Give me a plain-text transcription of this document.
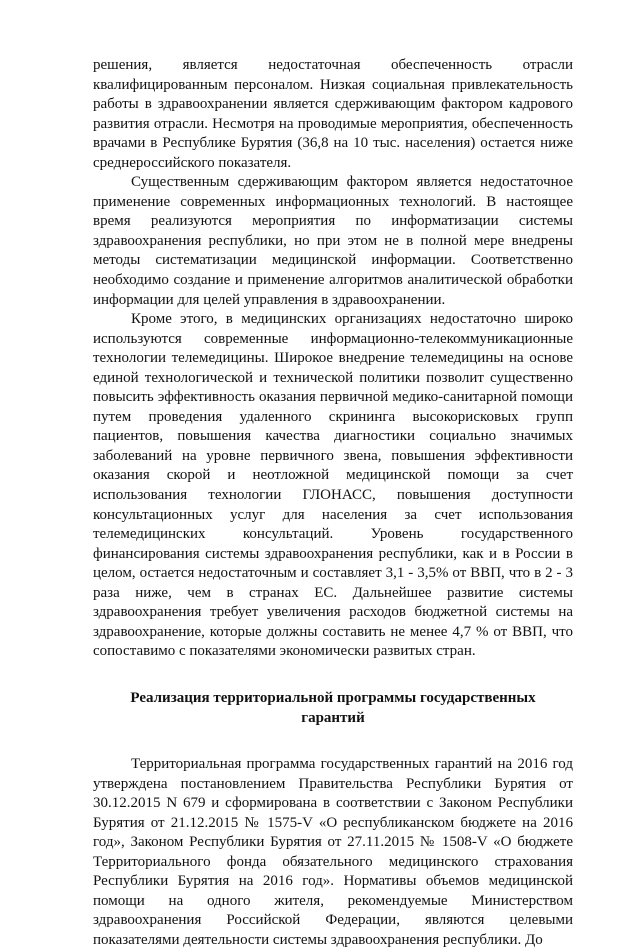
решения, является недостаточная обеспеченность отрасли квалифицированным персоналом. Низкая социальная привлекательность работы в здравоохранении является сдерживающим фактором кадрового развития отрасли. Несмотря на проводимые мероприятия, обеспеченность врачами в Республике Бурятия (36,8 на 10 тыс. населения) остается ниже среднероссийского показателя.

Существенным сдерживающим фактором является недостаточное применение современных информационных технологий. В настоящее время реализуются мероприятия по информатизации системы здравоохранения республики, но при этом не в полной мере внедрены методы систематизации медицинской информации. Соответственно необходимо создание и применение алгоритмов аналитической обработки информации для целей управления в здравоохранении.

Кроме этого, в медицинских организациях недостаточно широко используются современные информационно-телекоммуникационные технологии телемедицины. Широкое внедрение телемедицины на основе единой технологической и технической политики позволит существенно повысить эффективность оказания первичной медико-санитарной помощи путем проведения удаленного скрининга высокорисковых групп пациентов, повышения качества диагностики социально значимых заболеваний на уровне первичного звена, повышения эффективности оказания скорой и неотложной медицинской помощи за счет использования технологии ГЛОНАСС, повышения доступности консультационных услуг для населения за счет использования телемедицинских консультаций. Уровень государственного финансирования системы здравоохранения республики, как и в России в целом, остается недостаточным и составляет 3,1 - 3,5% от ВВП, что в 2 - 3 раза ниже, чем в странах ЕС. Дальнейшее развитие системы здравоохранения требует увеличения расходов бюджетной системы на здравоохранение, которые должны составить не менее 4,7 % от ВВП, что сопоставимо с показателями экономически развитых стран.

Реализация территориальной программы государственных гарантий

Территориальная программа государственных гарантий на 2016 год утверждена постановлением Правительства Республики Бурятия от 30.12.2015 N 679 и сформирована в соответствии с Законом Республики Бурятия от 21.12.2015 № 1575-V «О республиканском бюджете на 2016 год», Законом Республики Бурятия от 27.11.2015 № 1508-V «О бюджете Территориального фонда обязательного медицинского страхования Республики Бурятия на 2016 год». Нормативы объемов медицинской помощи на одного жителя, рекомендуемые Министерством здравоохранения Российской Федерации, являются целевыми показателями деятельности системы здравоохранения республики. До
